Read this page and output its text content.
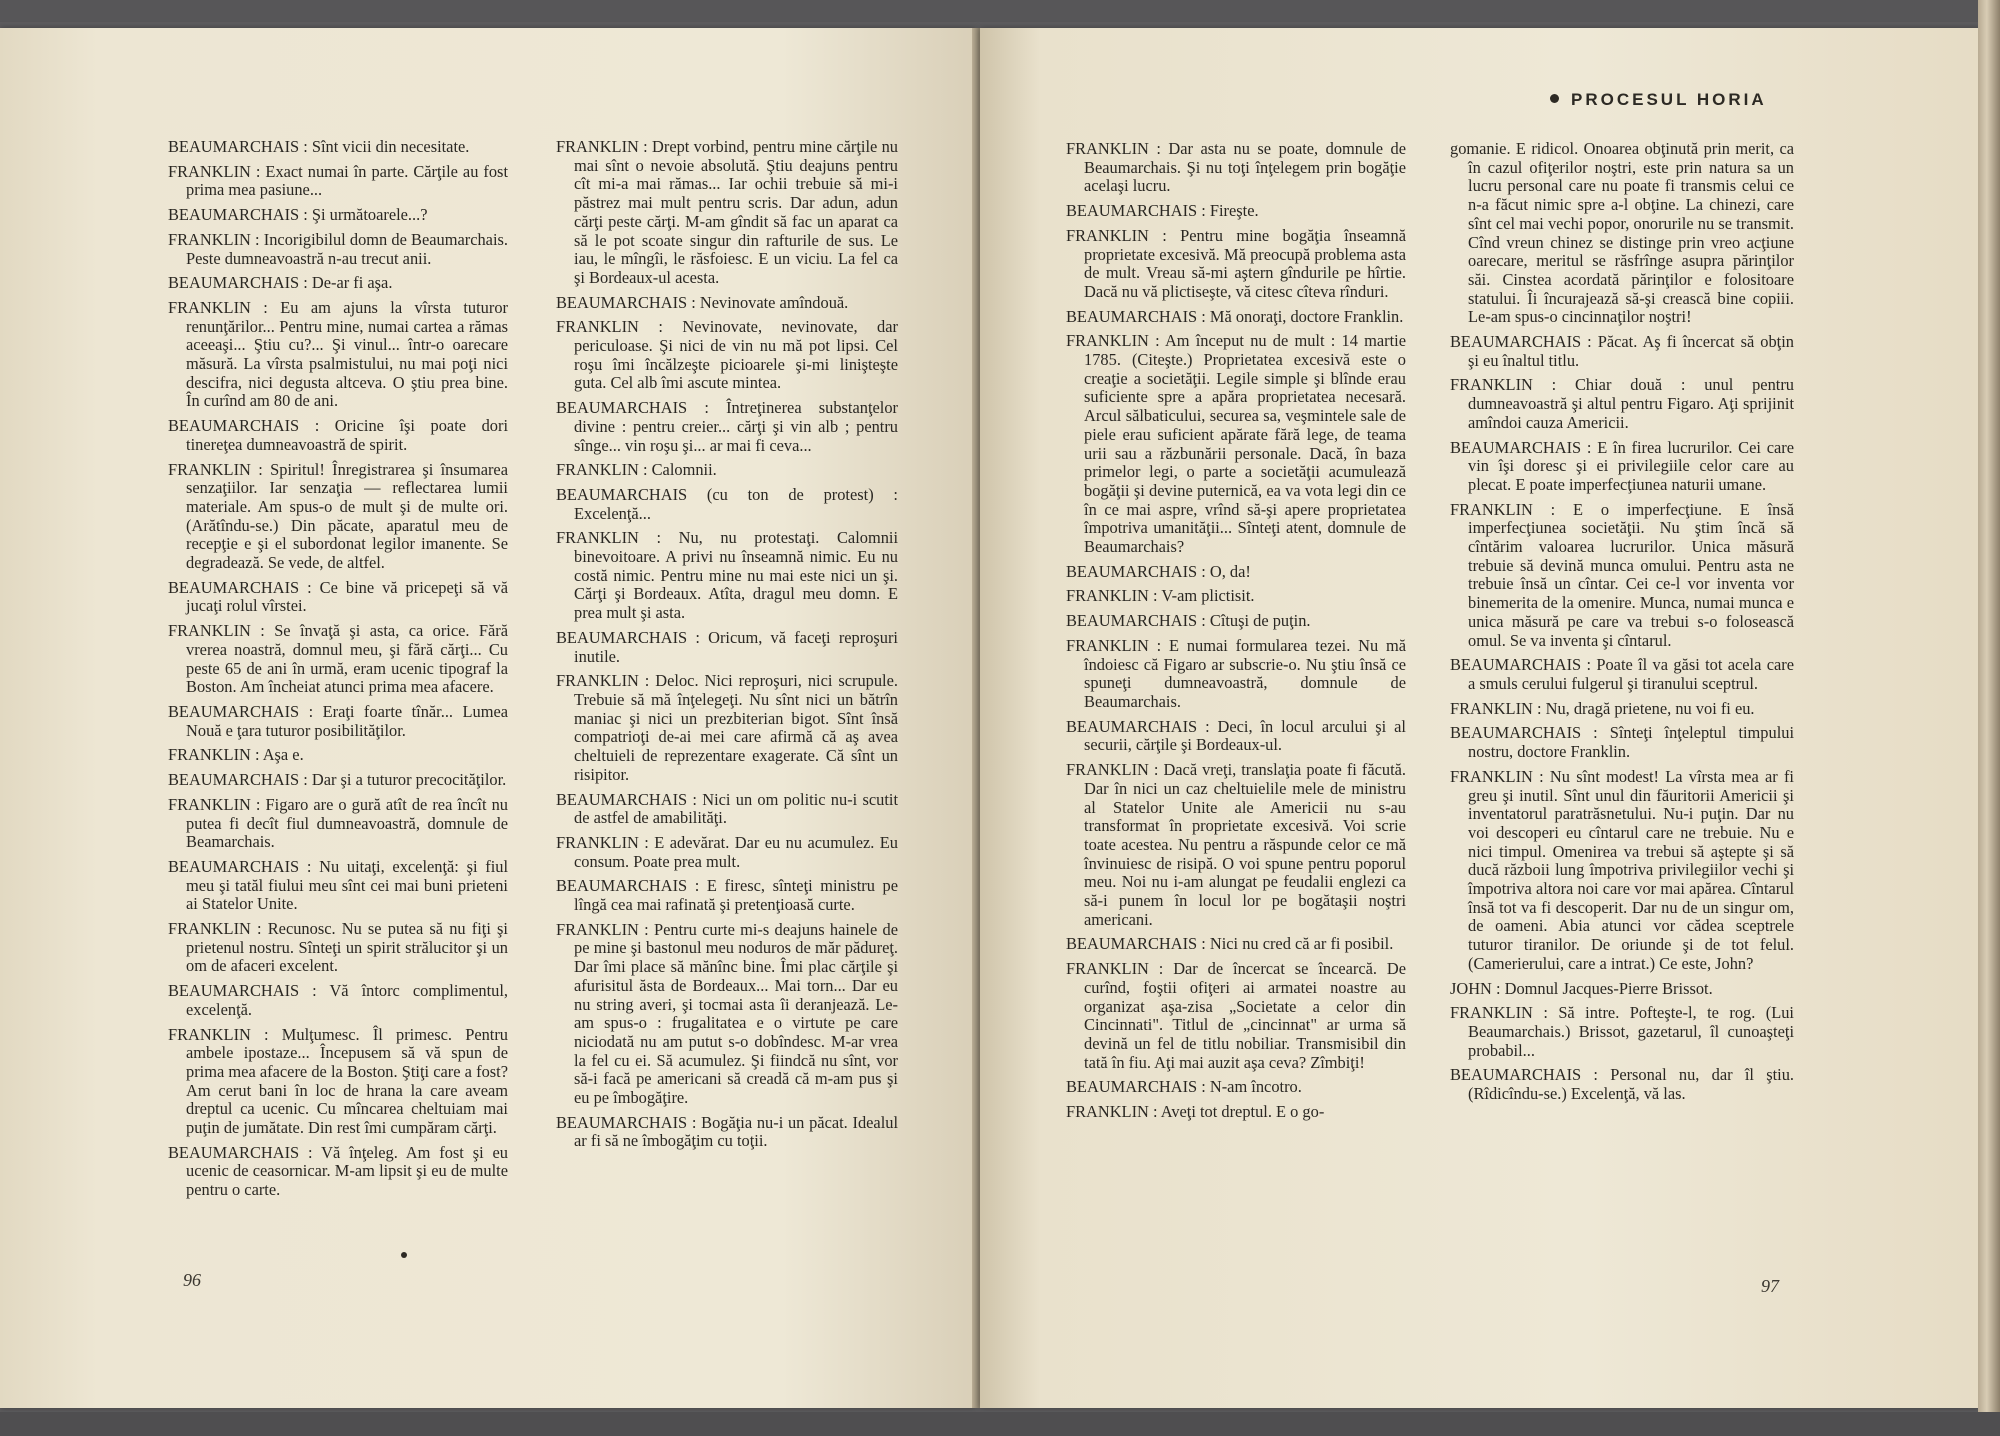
BEAUMARCHAIS : Sînt vicii din necesitate.

FRANKLIN : Exact numai în parte. Cărţile au fost prima mea pasiune...

BEAUMARCHAIS : Şi următoarele...?

FRANKLIN : Incorigibilul domn de Beaumarchais. Peste dumneavoastră n-au trecut anii.

BEAUMARCHAIS : De-ar fi aşa.

FRANKLIN : Eu am ajuns la vîrsta tuturor renunţărilor... Pentru mine, numai cartea a rămas aceeaşi... Ştiu cu?... Şi vinul... într-o oarecare măsură. La vîrsta psalmistului, nu mai poţi nici descifra, nici degusta altceva. O ştiu prea bine. În curînd am 80 de ani.

BEAUMARCHAIS : Oricine îşi poate dori tinereţea dumneavoastră de spirit.

FRANKLIN : Spiritul! Înregistrarea şi însumarea senzaţiilor. Iar senzaţia — reflectarea lumii materiale. Am spus-o de mult şi de multe ori. (Arătîndu-se.) Din păcate, aparatul meu de recepţie e şi el subordonat legilor imanente. Se degradează. Se vede, de altfel.

BEAUMARCHAIS : Ce bine vă pricepeţi să vă jucaţi rolul vîrstei.

FRANKLIN : Se învaţă şi asta, ca orice. Fără vrerea noastră, domnul meu, şi fără cărţi... Cu peste 65 de ani în urmă, eram ucenic tipograf la Boston. Am încheiat atunci prima mea afacere.

BEAUMARCHAIS : Eraţi foarte tînăr... Lumea Nouă e ţara tuturor posibilităţilor.

FRANKLIN : Aşa e.

BEAUMARCHAIS : Dar şi a tuturor precocităţilor.

FRANKLIN : Figaro are o gură atît de rea încît nu putea fi decît fiul dumneavoastră, domnule de Beamarchais.

BEAUMARCHAIS : Nu uitaţi, excelenţă: şi fiul meu şi tatăl fiului meu sînt cei mai buni prieteni ai Statelor Unite.

FRANKLIN : Recunosc. Nu se putea să nu fiţi şi prietenul nostru. Sînteţi un spirit strălucitor şi un om de afaceri excelent.

BEAUMARCHAIS : Vă întorc complimentul, excelenţă.

FRANKLIN : Mulţumesc. Îl primesc. Pentru ambele ipostaze... Începusem să vă spun de prima mea afacere de la Boston. Ştiţi care a fost? Am cerut bani în loc de hrana la care aveam dreptul ca ucenic. Cu mîncarea cheltuiam mai puţin de jumătate. Din rest îmi cumpăram cărţi.

BEAUMARCHAIS : Vă înţeleg. Am fost şi eu ucenic de ceasornicar. M-am lipsit şi eu de multe pentru o carte.

FRANKLIN : Drept vorbind, pentru mine cărţile nu mai sînt o nevoie absolută. Ştiu deajuns pentru cît mi-a mai rămas... Iar ochii trebuie să mi-i păstrez mai mult pentru scris. Dar adun, adun cărţi peste cărţi. M-am gîndit să fac un aparat ca să le pot scoate singur din rafturile de sus. Le iau, le mîngîi, le răsfoiesc. E un viciu. La fel ca şi Bordeaux-ul acesta.

BEAUMARCHAIS : Nevinovate amîndouă.

FRANKLIN : Nevinovate, nevinovate, dar periculoase. Şi nici de vin nu mă pot lipsi. Cel roşu îmi încălzeşte picioarele şi-mi linişteşte guta. Cel alb îmi ascute mintea.

BEAUMARCHAIS : Întreţinerea substanţelor divine : pentru creier... cărţi şi vin alb ; pentru sînge... vin roşu şi... ar mai fi ceva...

FRANKLIN : Calomnii.

BEAUMARCHAIS (cu ton de protest) : Excelenţă...

FRANKLIN : Nu, nu protestaţi. Calomnii binevoitoare. A privi nu înseamnă nimic. Eu nu costă nimic. Pentru mine nu mai este nici un şi. Cărţi şi Bordeaux. Atîta, dragul meu domn. E prea mult şi asta.

BEAUMARCHAIS : Oricum, vă faceţi reproşuri inutile.

FRANKLIN : Deloc. Nici reproşuri, nici scrupule. Trebuie să mă înţelegeţi. Nu sînt nici un bătrîn maniac şi nici un prezbiterian bigot. Sînt însă compatrioţi de-ai mei care afirmă că aş avea cheltuieli de reprezentare exagerate. Că sînt un risipitor.

BEAUMARCHAIS : Nici un om politic nu-i scutit de astfel de amabilităţi.

FRANKLIN : E adevărat. Dar eu nu acumulez. Eu consum. Poate prea mult.

BEAUMARCHAIS : E firesc, sînteţi ministru pe lîngă cea mai rafinată şi pretenţioasă curte.

FRANKLIN : Pentru curte mi-s deajuns hainele de pe mine şi bastonul meu noduros de măr pădureţ. Dar îmi place să mănînc bine. Îmi plac cărţile şi afurisitul ăsta de Bordeaux... Mai torn... Dar eu nu string averi, şi tocmai asta îi deranjează. Le-am spus-o : frugalitatea e o virtute pe care niciodată nu am putut s-o dobîndesc. M-ar vrea la fel cu ei. Să acumulez. Şi fiindcă nu sînt, vor să-i facă pe americani să creadă că m-am pus şi eu pe îmbogăţire.

BEAUMARCHAIS : Bogăţia nu-i un păcat. Idealul ar fi să ne îmbogăţim cu toţii.

96

FRANKLIN : Dar asta nu se poate, domnule de Beaumarchais. Şi nu toţi înţelegem prin bogăţie acelaşi lucru.

BEAUMARCHAIS : Fireşte.

FRANKLIN : Pentru mine bogăţia înseamnă proprietate excesivă. Mă preocupă problema asta de mult. Vreau să-mi aştern gîndurile pe hîrtie. Dacă nu vă plictiseşte, vă citesc cîteva rînduri.

BEAUMARCHAIS : Mă onoraţi, doctore Franklin.

FRANKLIN : Am început nu de mult : 14 martie 1785. (Citeşte.) Proprietatea excesivă este o creaţie a societăţii. Legile simple şi blînde erau suficiente spre a apăra proprietatea necesară. Arcul sălbaticului, securea sa, veşmintele sale de piele erau suficient apărate fără lege, de teama urii sau a răzbunării personale. Dacă, în baza primelor legi, o parte a societăţii acumulează bogăţii şi devine puternică, ea va vota legi din ce în ce mai aspre, vrînd să-şi apere proprietatea împotriva umanităţii... Sînteţi atent, domnule de Beaumarchais?

BEAUMARCHAIS : O, da!

FRANKLIN : V-am plictisit.

BEAUMARCHAIS : Cîtuşi de puţin.

FRANKLIN : E numai formularea tezei. Nu mă îndoiesc că Figaro ar subscrie-o. Nu ştiu însă ce spuneţi dumneavoastră, domnule de Beaumarchais.

BEAUMARCHAIS : Deci, în locul arcului şi al securii, cărţile şi Bordeaux-ul.

FRANKLIN : Dacă vreţi, translaţia poate fi făcută. Dar în nici un caz cheltuielile mele de ministru al Statelor Unite ale Americii nu s-au transformat în proprietate excesivă. Voi scrie toate acestea. Nu pentru a răspunde celor ce mă învinuiesc de risipă. O voi spune pentru poporul meu. Noi nu i-am alungat pe feudalii englezi ca să-i punem în locul lor pe bogătaşii noştri americani.

BEAUMARCHAIS : Nici nu cred că ar fi posibil.

FRANKLIN : Dar de încercat se încearcă. De curînd, foştii ofiţeri ai armatei noastre au organizat aşa-zisa „Societate a celor din Cincinnati". Titlul de „cincinnat" ar urma să devină un fel de titlu nobiliar. Transmisibil din tată în fiu. Aţi mai auzit aşa ceva? Zîmbiţi!

BEAUMARCHAIS : N-am încotro.

FRANKLIN : Aveţi tot dreptul. E o go-

gomanie. E ridicol. Onoarea obţinută prin merit, ca în cazul ofiţerilor noştri, este prin natura sa un lucru personal care nu poate fi transmis celui ce n-a făcut nimic spre a-l obţine. La chinezi, care sînt cel mai vechi popor, onorurile nu se transmit. Cînd vreun chinez se distinge prin vreo acţiune oarecare, meritul se răsfrînge asupra părinţilor săi. Cinstea acordată părinţilor e folositoare statului. Îi încurajează să-şi crească bine copiii. Le-am spus-o cincinnaţilor noştri!

BEAUMARCHAIS : Păcat. Aş fi încercat să obţin şi eu înaltul titlu.

FRANKLIN : Chiar două : unul pentru dumneavoastră şi altul pentru Figaro. Aţi sprijinit amîndoi cauza Americii.

BEAUMARCHAIS : E în firea lucrurilor. Cei care vin îşi doresc şi ei privilegiile celor care au plecat. E poate imperfecţiunea naturii umane.

FRANKLIN : E o imperfecţiune. E însă imperfecţiunea societăţii. Nu ştim încă să cîntărim valoarea lucrurilor. Unica măsură trebuie să devină munca omului. Pentru asta ne trebuie însă un cîntar. Cei ce-l vor inventa vor binemerita de la omenire. Munca, numai munca e unica măsură pe care va trebui s-o folosească omul. Se va inventa şi cîntarul.

BEAUMARCHAIS : Poate îl va găsi tot acela care a smuls cerului fulgerul şi tiranului sceptrul.

FRANKLIN : Nu, dragă prietene, nu voi fi eu.

BEAUMARCHAIS : Sînteţi înţeleptul timpului nostru, doctore Franklin.

FRANKLIN : Nu sînt modest! La vîrsta mea ar fi greu şi inutil. Sînt unul din făuritorii Americii şi inventatorul paratrăsnetului. Nu-i puţin. Dar nu voi descoperi eu cîntarul care ne trebuie. Nu e nici timpul. Omenirea va trebui să aştepte şi să ducă războii lung împotriva privilegiilor vechi şi împotriva altora noi care vor mai apărea. Cîntarul însă tot va fi descoperit. Dar nu de un singur om, de oameni. Abia atunci vor cădea sceptrele tuturor tiranilor. De oriunde şi de tot felul. (Camerierului, care a intrat.) Ce este, John?

JOHN : Domnul Jacques-Pierre Brissot.

FRANKLIN : Să intre. Pofteşte-l, te rog. (Lui Beaumarchais.) Brissot, gazetarul, îl cunoaşteţi probabil...

BEAUMARCHAIS : Personal nu, dar îl ştiu. (Rîdicîndu-se.) Excelenţă, vă las.

97
PROCESUL HORIA
